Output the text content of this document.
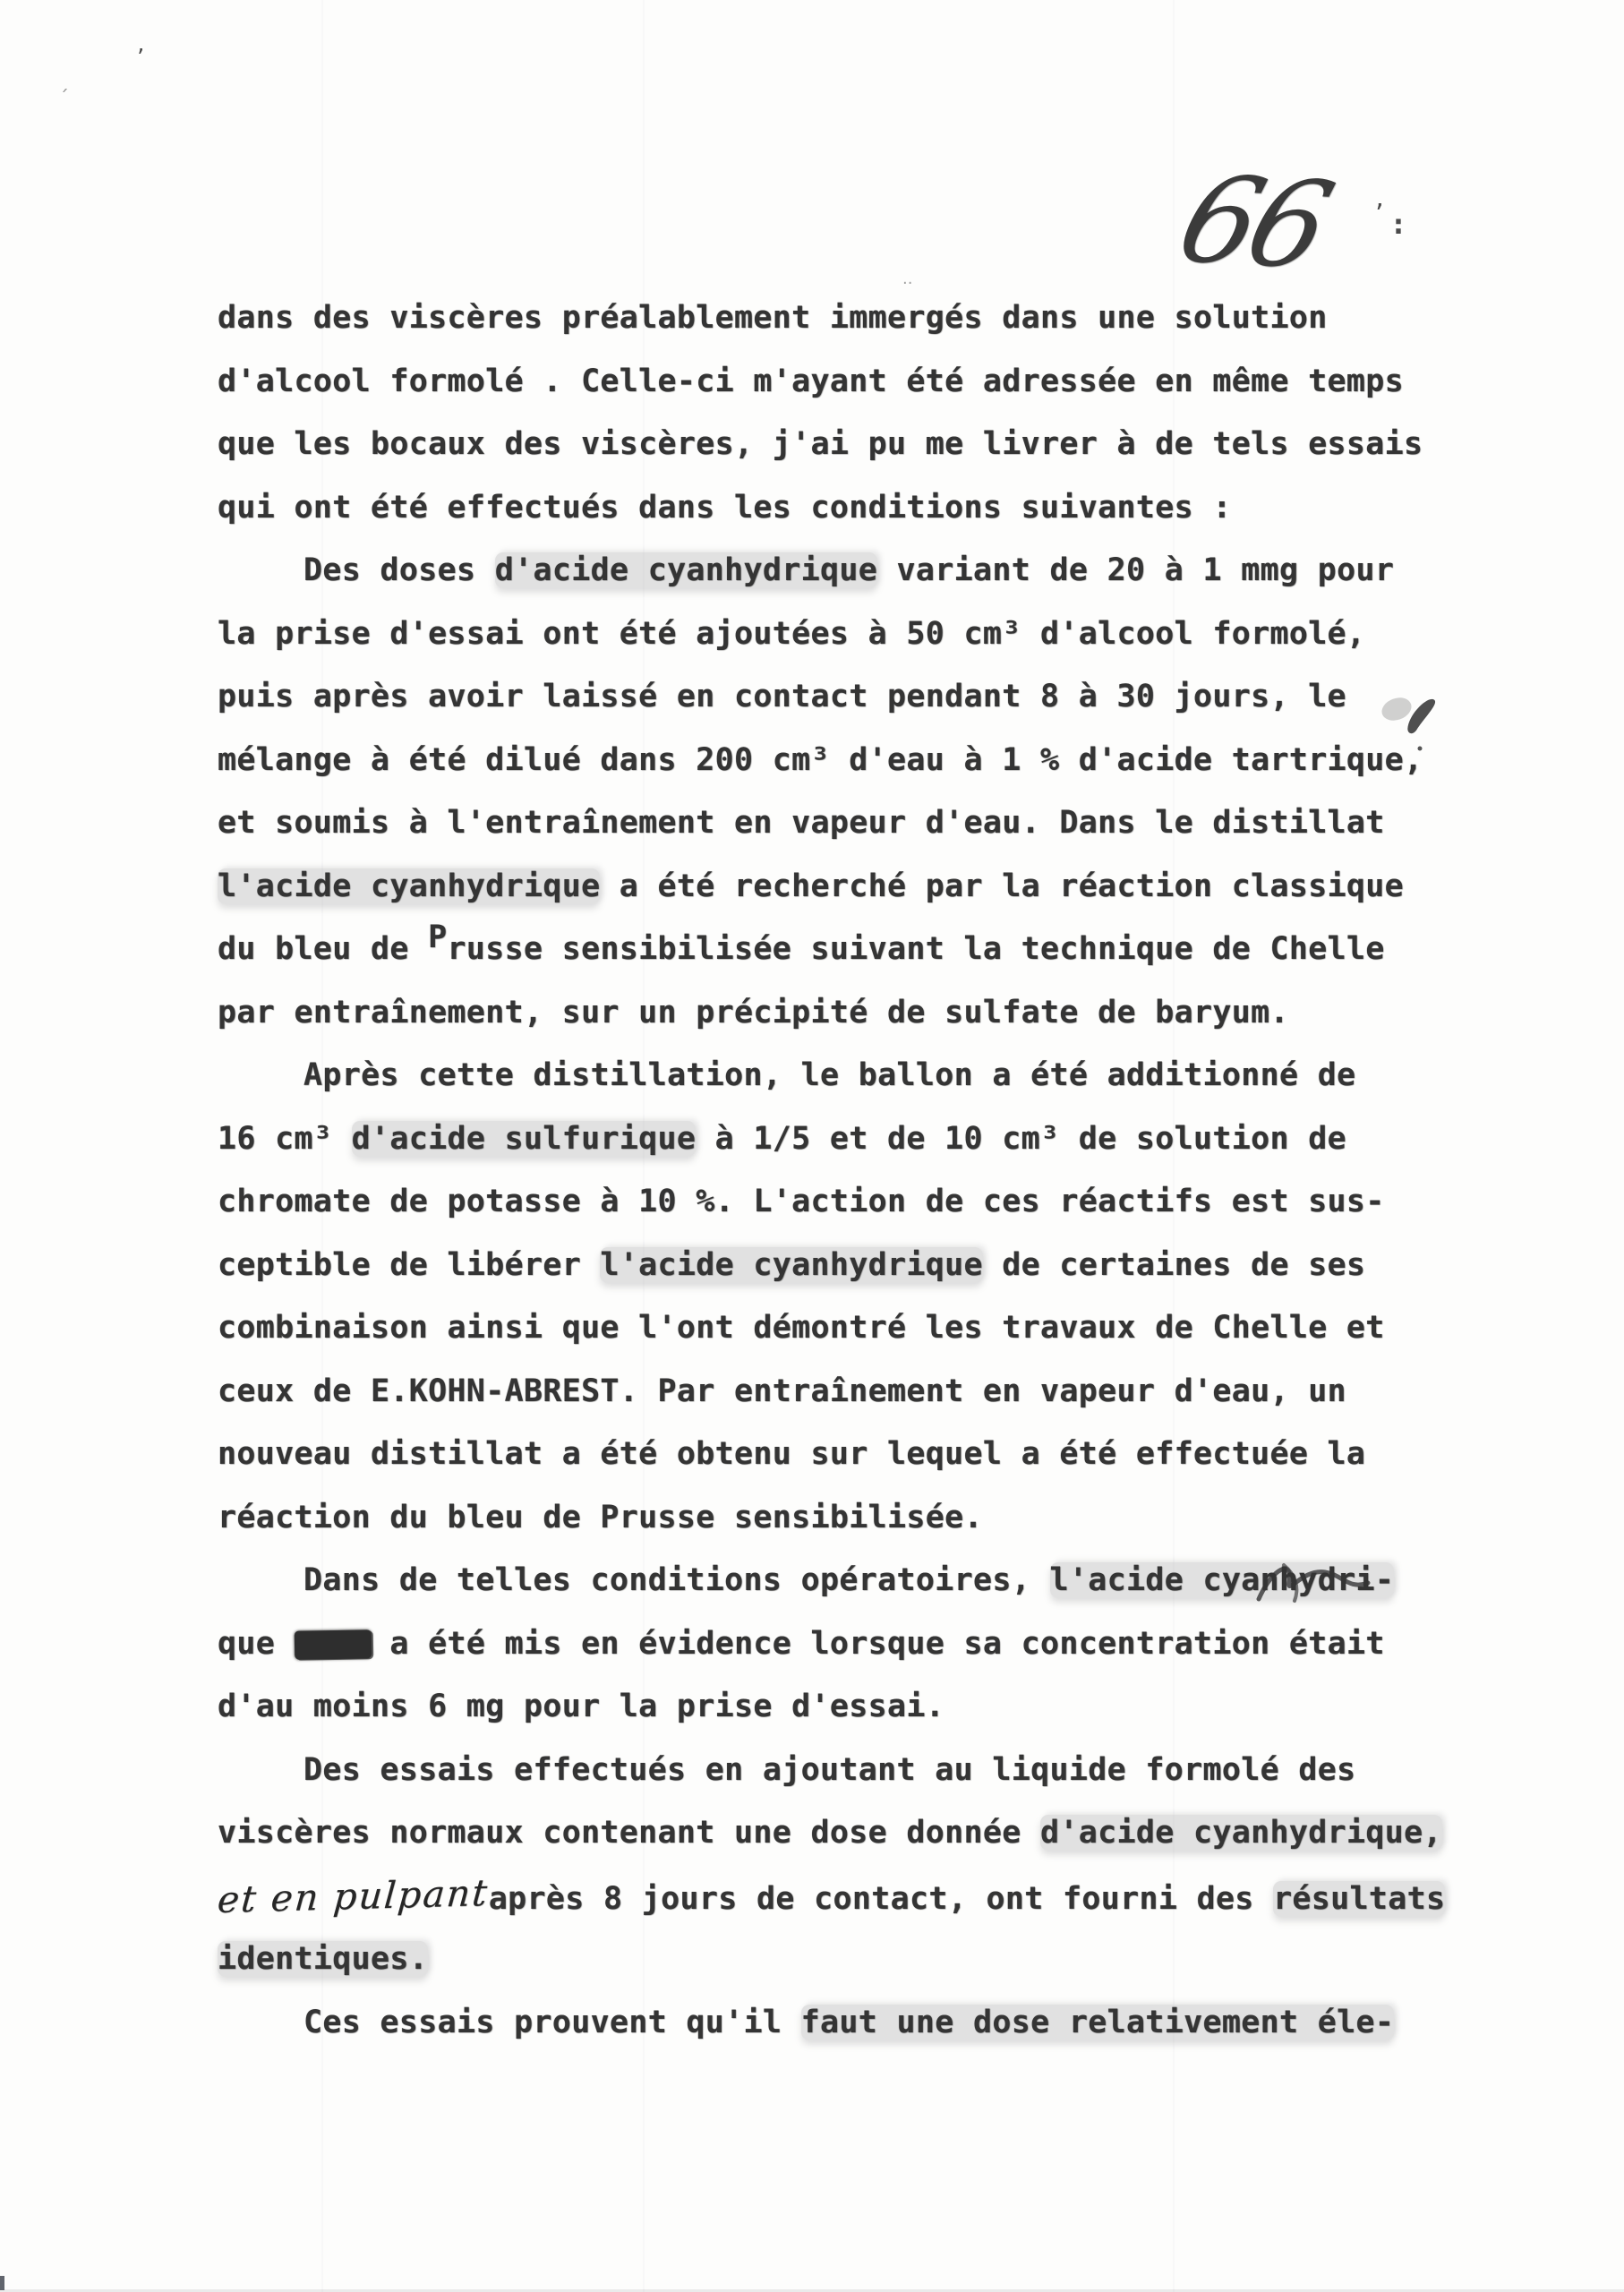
’
´
·· 66 ’ :
dans des viscères préalablement immergés dans une solution
d'alcool formolé . Celle-ci m'ayant été adressée en même temps
que les bocaux des viscères, j'ai pu me livrer à de tels essais
qui ont été effectués dans les conditions suivantes :
Des doses d'acide cyanhydrique variant de 20 à 1 mmg pour
la prise d'essai ont été ajoutées à 50 cm³ d'alcool formolé,
puis après avoir laissé en contact pendant 8 à 30 jours, le
mélange à été dilué dans 200 cm³ d'eau à 1 % d'acide tartrique,
et soumis à l'entraînement en vapeur d'eau. Dans le distillat
l'acide cyanhydrique a été recherché par la réaction classique
du bleu de Prusse sensibilisée suivant la technique de Chelle
par entraînement, sur un précipité de sulfate de baryum.
Après cette distillation, le ballon a été additionné de
16 cm³ d'acide sulfurique à 1/5 et de 10 cm³ de solution de
chromate de potasse à 10 %. L'action de ces réactifs est sus-
ceptible de libérer l'acide cyanhydrique de certaines de ses
combinaison ainsi que l'ont démontré les travaux de Chelle et
ceux de E.KOHN-ABREST. Par entraînement en vapeur d'eau, un
nouveau distillat a été obtenu sur lequel a été effectuée la
réaction du bleu de Prusse sensibilisée.
Dans de telles conditions opératoires, l'acide cyanhydri-
que      a été mis en évidence lorsque sa concentration était
d'au moins 6 mg pour la prise d'essai.
Des essais effectués en ajoutant au liquide formolé des
viscères normaux contenant une dose donnée d'acide cyanhydrique,
et en pulpantaprès 8 jours de contact, ont fourni des résultats
identiques.
Ces essais prouvent qu'il faut une dose relativement éle-
